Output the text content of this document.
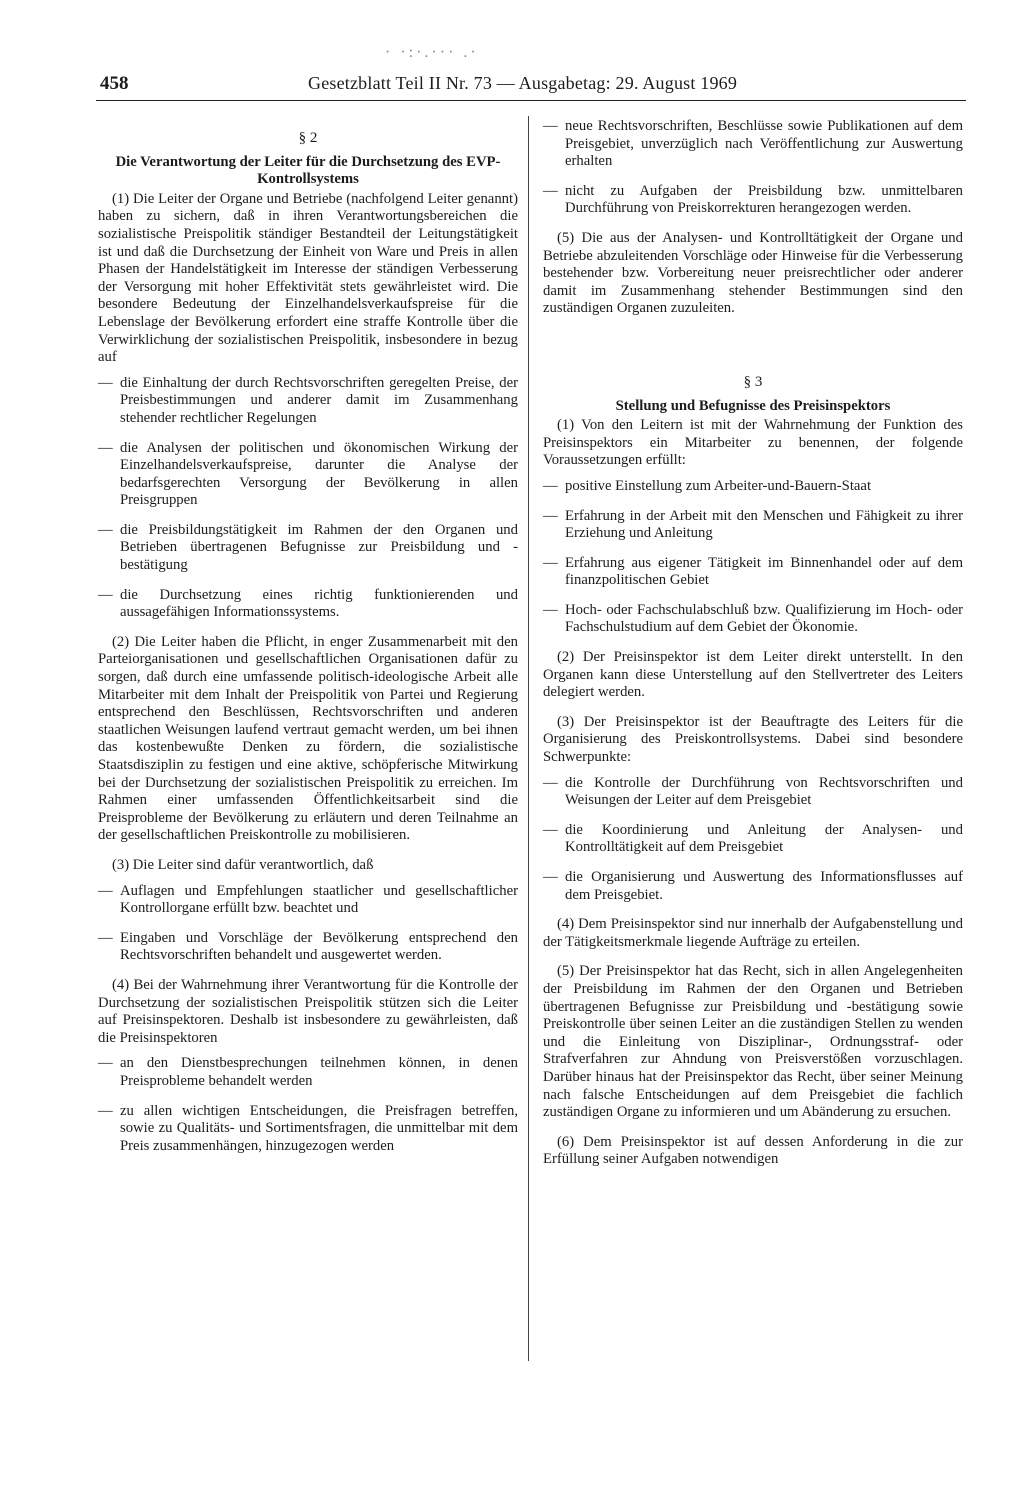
· ·:·.··· .·
458	Gesetzblatt Teil II Nr. 73 — Ausgabetag: 29. August 1969
§ 2
Die Verantwortung der Leiter für die Durchsetzung des EVP-Kontrollsystems

(1) Die Leiter der Organe und Betriebe (nachfolgend Leiter genannt) haben zu sichern, daß in ihren Verantwortungsbereichen die sozialistische Preispolitik ständiger Bestandteil der Leitungstätigkeit ist und daß die Durchsetzung der Einheit von Ware und Preis in allen Phasen der Handelstätigkeit im Interesse der ständigen Verbesserung der Versorgung mit hoher Effektivität stets gewährleistet wird. Die besondere Bedeutung der Einzelhandelsverkaufspreise für die Lebenslage der Bevölkerung erfordert eine straffe Kontrolle über die Verwirklichung der sozialistischen Preispolitik, insbesondere in bezug auf

— die Einhaltung der durch Rechtsvorschriften geregelten Preise, der Preisbestimmungen und anderer damit im Zusammenhang stehender rechtlicher Regelungen
— die Analysen der politischen und ökonomischen Wirkung der Einzelhandelsverkaufspreise, darunter die Analyse der bedarfsgerechten Versorgung der Bevölkerung in allen Preisgruppen
— die Preisbildungstätigkeit im Rahmen der den Organen und Betrieben übertragenen Befugnisse zur Preisbildung und -bestätigung
— die Durchsetzung eines richtig funktionierenden und aussagefähigen Informationssystems.

(2) Die Leiter haben die Pflicht, in enger Zusammenarbeit mit den Parteiorganisationen und gesellschaftlichen Organisationen dafür zu sorgen, daß durch eine umfassende politisch-ideologische Arbeit alle Mitarbeiter mit dem Inhalt der Preispolitik von Partei und Regierung entsprechend den Beschlüssen, Rechtsvorschriften und anderen staatlichen Weisungen laufend vertraut gemacht werden, um bei ihnen das kostenbewußte Denken zu fördern, die sozialistische Staatsdisziplin zu festigen und eine aktive, schöpferische Mitwirkung bei der Durchsetzung der sozialistischen Preispolitik zu erreichen. Im Rahmen einer umfassenden Öffentlichkeitsarbeit sind die Preisprobleme der Bevölkerung zu erläutern und deren Teilnahme an der gesellschaftlichen Preiskontrolle zu mobilisieren.

(3) Die Leiter sind dafür verantwortlich, daß

— Auflagen und Empfehlungen staatlicher und gesellschaftlicher Kontrollorgane erfüllt bzw. beachtet und
— Eingaben und Vorschläge der Bevölkerung entsprechend den Rechtsvorschriften behandelt und ausgewertet werden.

(4) Bei der Wahrnehmung ihrer Verantwortung für die Kontrolle der Durchsetzung der sozialistischen Preispolitik stützen sich die Leiter auf Preisinspektoren. Deshalb ist insbesondere zu gewährleisten, daß die Preisinspektoren

— an den Dienstbesprechungen teilnehmen können, in denen Preisprobleme behandelt werden
— zu allen wichtigen Entscheidungen, die Preisfragen betreffen, sowie zu Qualitäts- und Sortimentsfragen, die unmittelbar mit dem Preis zusammenhängen, hinzugezogen werden
— neue Rechtsvorschriften, Beschlüsse sowie Publikationen auf dem Preisgebiet, unverzüglich nach Veröffentlichung zur Auswertung erhalten
— nicht zu Aufgaben der Preisbildung bzw. unmittelbaren Durchführung von Preiskorrekturen herangezogen werden.

(5) Die aus der Analysen- und Kontrolltätigkeit der Organe und Betriebe abzuleitenden Vorschläge oder Hinweise für die Verbesserung bestehender bzw. Vorbereitung neuer preisrechtlicher oder anderer damit im Zusammenhang stehender Bestimmungen sind den zuständigen Organen zuzuleiten.

§ 3
Stellung und Befugnisse des Preisinspektors

(1) Von den Leitern ist mit der Wahrnehmung der Funktion des Preisinspektors ein Mitarbeiter zu benennen, der folgende Voraussetzungen erfüllt:

— positive Einstellung zum Arbeiter-und-Bauern-Staat
— Erfahrung in der Arbeit mit den Menschen und Fähigkeit zu ihrer Erziehung und Anleitung
— Erfahrung aus eigener Tätigkeit im Binnenhandel oder auf dem finanzpolitischen Gebiet
— Hoch- oder Fachschulabschluß bzw. Qualifizierung im Hoch- oder Fachschulstudium auf dem Gebiet der Ökonomie.

(2) Der Preisinspektor ist dem Leiter direkt unterstellt. In den Organen kann diese Unterstellung auf den Stellvertreter des Leiters delegiert werden.

(3) Der Preisinspektor ist der Beauftragte des Leiters für die Organisierung des Preiskontrollsystems. Dabei sind besondere Schwerpunkte:

— die Kontrolle der Durchführung von Rechtsvorschriften und Weisungen der Leiter auf dem Preisgebiet
— die Koordinierung und Anleitung der Analysen- und Kontrolltätigkeit auf dem Preisgebiet
— die Organisierung und Auswertung des Informationsflusses auf dem Preisgebiet.

(4) Dem Preisinspektor sind nur innerhalb der Aufgabenstellung und der Tätigkeitsmerkmale liegende Aufträge zu erteilen.

(5) Der Preisinspektor hat das Recht, sich in allen Angelegenheiten der Preisbildung im Rahmen der den Organen und Betrieben übertragenen Befugnisse zur Preisbildung und -bestätigung sowie Preiskontrolle über seinen Leiter an die zuständigen Stellen zu wenden und die Einleitung von Disziplinar-, Ordnungsstraf- oder Strafverfahren zur Ahndung von Preisverstößen vorzuschlagen. Darüber hinaus hat der Preisinspektor das Recht, über seiner Meinung nach falsche Entscheidungen auf dem Preisgebiet die fachlich zuständigen Organe zu informieren und um Abänderung zu ersuchen.

(6) Dem Preisinspektor ist auf dessen Anforderung in die zur Erfüllung seiner Aufgaben notwendigen
